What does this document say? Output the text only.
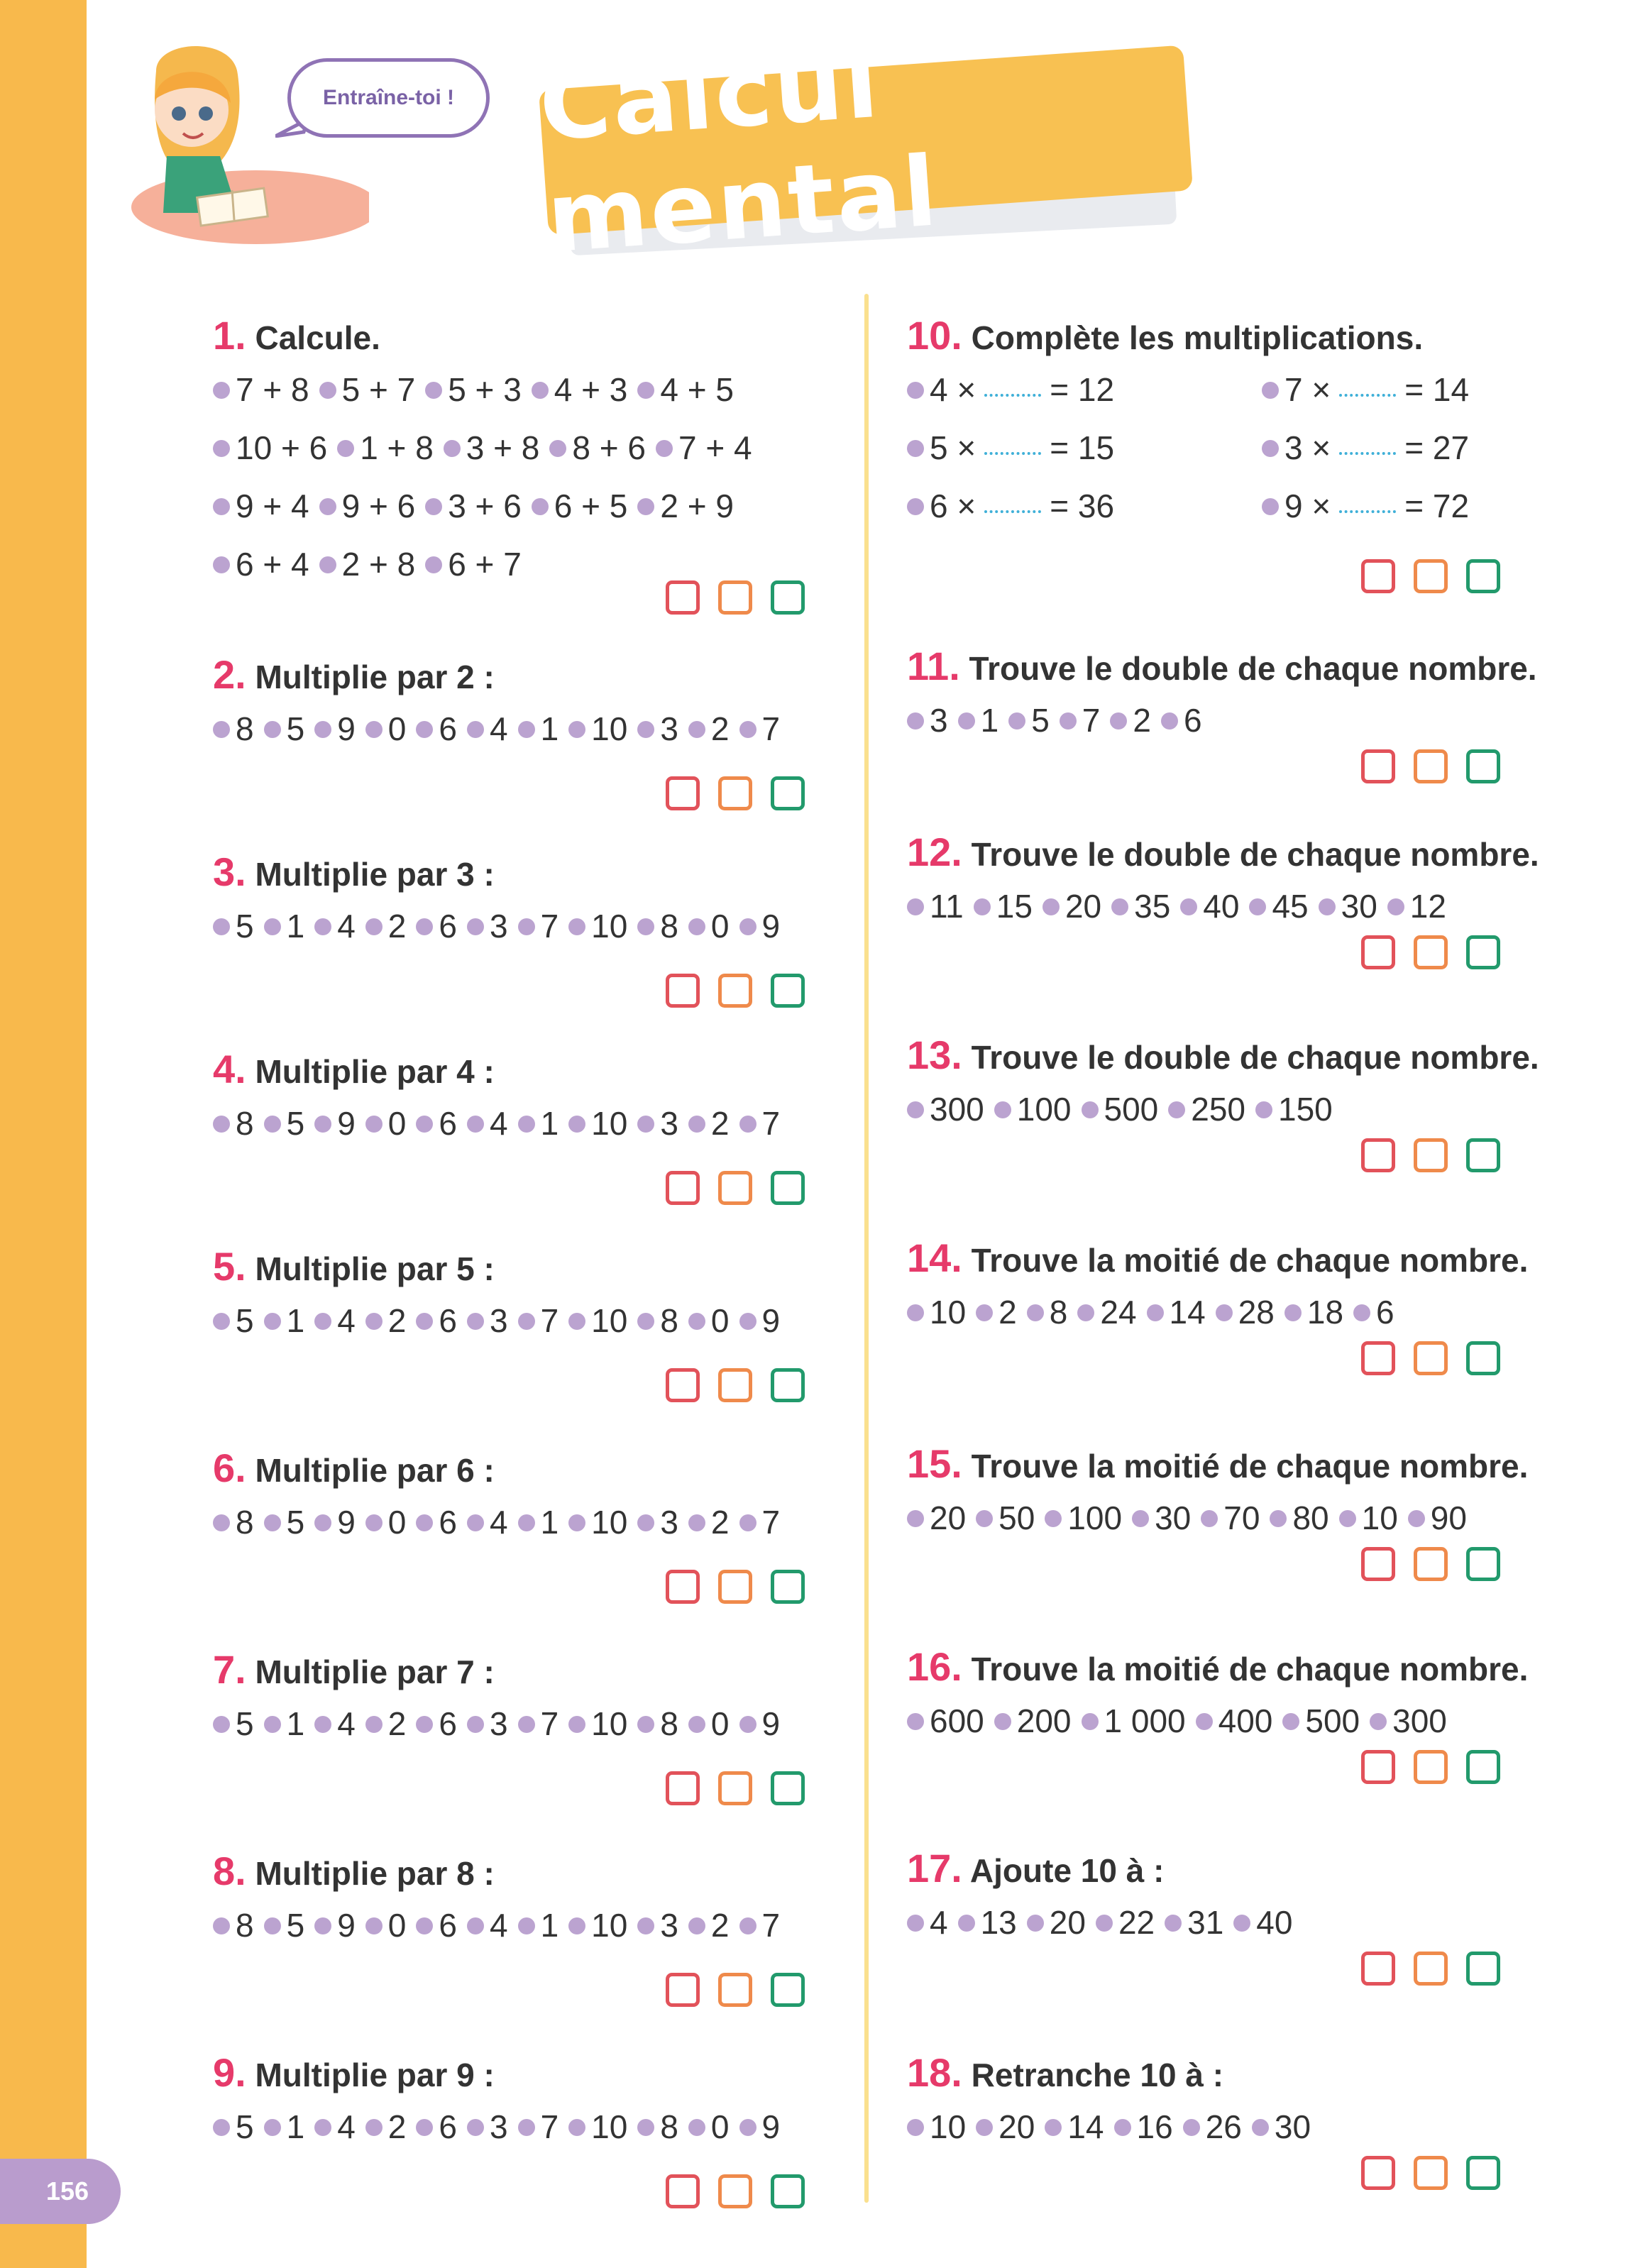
156
Entraîne-toi ! Calcul mental
1. Calcule.
7 + 8 5 + 7 5 + 3 4 + 3 4 + 5
10 + 6 1 + 8 3 + 8 8 + 6 7 + 4
9 + 4 9 + 6 3 + 6 6 + 5 2 + 9
6 + 4 2 + 8 6 + 7
2. Multiplie par 2 :
8 5 9 0 6 4 1 10 3 2 7
3. Multiplie par 3 :
5 1 4 2 6 3 7 10 8 0 9
4. Multiplie par 4 :
8 5 9 0 6 4 1 10 3 2 7
5. Multiplie par 5 :
5 1 4 2 6 3 7 10 8 0 9
6. Multiplie par 6 :
8 5 9 0 6 4 1 10 3 2 7
7. Multiplie par 7 :
5 1 4 2 6 3 7 10 8 0 9
8. Multiplie par 8 :
8 5 9 0 6 4 1 10 3 2 7
9. Multiplie par 9 :
5 1 4 2 6 3 7 10 8 0 9
10. Complète les multiplications.
4 × = 12	7 × = 14
5 × = 15	3 × = 27
6 × = 36	9 × = 72
11. Trouve le double de chaque nombre.
3 1 5 7 2 6
12. Trouve le double de chaque nombre.
11 15 20 35 40 45 30 12
13. Trouve le double de chaque nombre.
300 100 500 250 150
14. Trouve la moitié de chaque nombre.
10 2 8 24 14 28 18 6
15. Trouve la moitié de chaque nombre.
20 50 100 30 70 80 10 90
16. Trouve la moitié de chaque nombre.
600 200 1 000 400 500 300
17. Ajoute 10 à :
4 13 20 22 31 40
18. Retranche 10 à :
10 20 14 16 26 30
